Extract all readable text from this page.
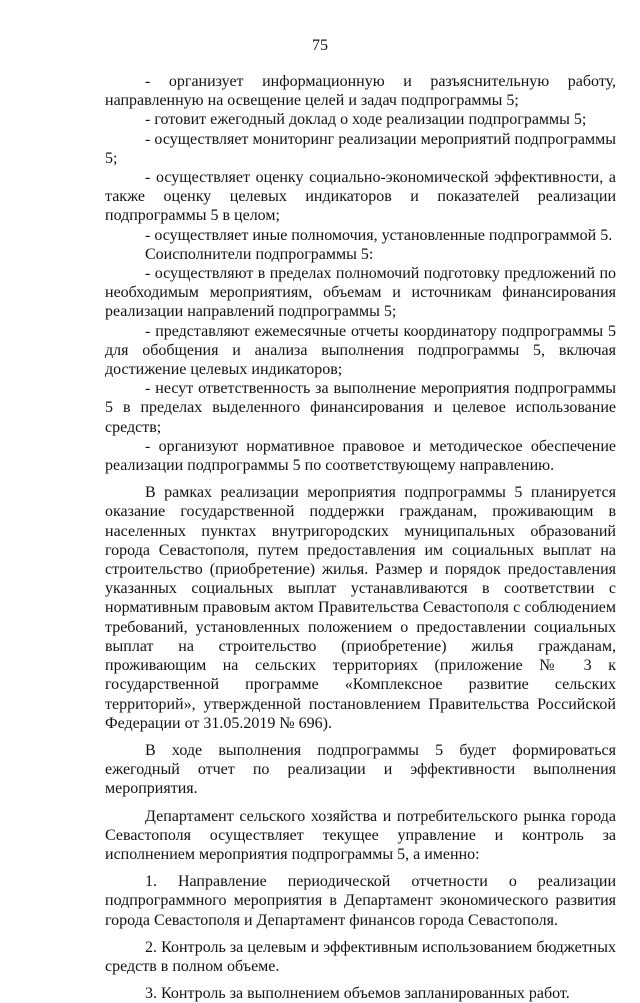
75

- организует информационную и разъяснительную работу, направленную на освещение целей и задач подпрограммы 5;

- готовит ежегодный доклад о ходе реализации подпрограммы 5;

- осуществляет мониторинг реализации мероприятий подпрограммы 5;

- осуществляет оценку социально-экономической эффективности, а также оценку целевых индикаторов и показателей реализации подпрограммы 5 в целом;

- осуществляет иные полномочия, установленные подпрограммой 5.

Соисполнители подпрограммы 5:

- осуществляют в пределах полномочий подготовку предложений по необходимым мероприятиям, объемам и источникам финансирования реализации направлений подпрограммы 5;

- представляют ежемесячные отчеты координатору подпрограммы 5 для обобщения и анализа выполнения подпрограммы 5, включая достижение целевых индикаторов;

- несут ответственность за выполнение мероприятия подпрограммы 5 в пределах выделенного финансирования и целевое использование средств;

- организуют нормативное правовое и методическое обеспечение реализации подпрограммы 5 по соответствующему направлению.

В рамках реализации мероприятия подпрограммы 5 планируется оказание государственной поддержки гражданам, проживающим в населенных пунктах внутригородских муниципальных образований города Севастополя, путем предоставления им социальных выплат на строительство (приобретение) жилья. Размер и порядок предоставления указанных социальных выплат устанавливаются в соответствии с нормативным правовым актом Правительства Севастополя с соблюдением требований, установленных положением о предоставлении социальных выплат на строительство (приобретение) жилья гражданам, проживающим на сельских территориях (приложение № 3 к государственной программе «Комплексное развитие сельских территорий», утвержденной постановлением Правительства Российской Федерации от 31.05.2019 № 696).

В ходе выполнения подпрограммы 5 будет формироваться ежегодный отчет по реализации и эффективности выполнения мероприятия.

Департамент сельского хозяйства и потребительского рынка города Севастополя осуществляет текущее управление и контроль за исполнением мероприятия подпрограммы 5, а именно:

1. Направление периодической отчетности о реализации подпрограммного мероприятия в Департамент экономического развития города Севастополя и Департамент финансов города Севастополя.

2. Контроль за целевым и эффективным использованием бюджетных средств в полном объеме.

3. Контроль за выполнением объемов запланированных работ.
